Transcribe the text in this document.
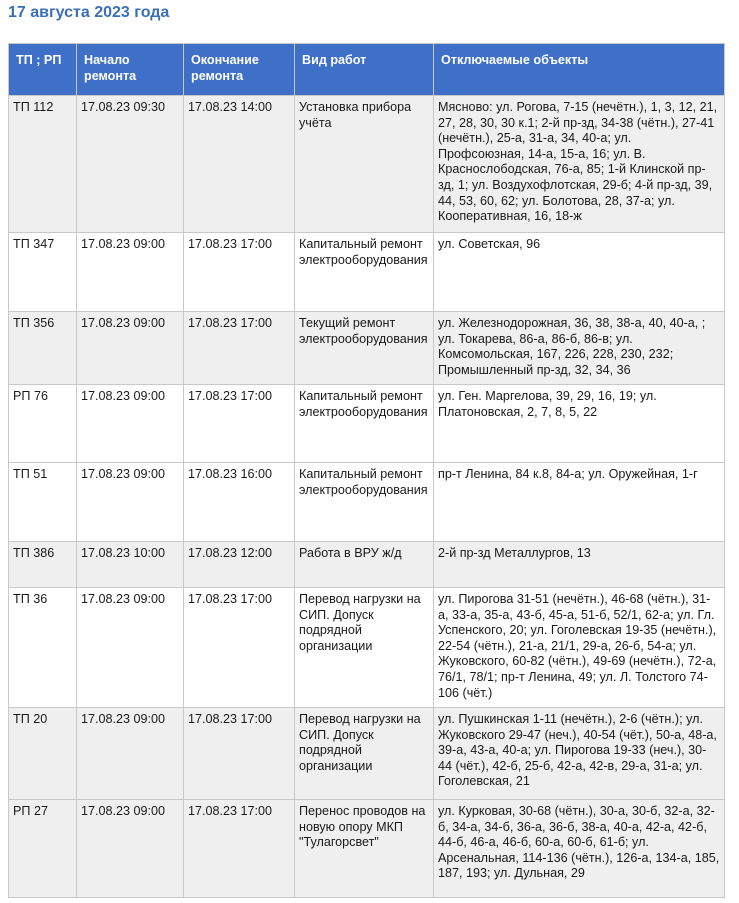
17 августа 2023 года
ТП ; РП	Начало ремонта	Окончание ремонта	Вид работ	Отключаемые объекты
ТП 112	17.08.23 09:30	17.08.23 14:00	Установка прибора учёта	Мясново: ул. Рогова, 7-15 (нечётн.), 1, 3, 12, 21, 27, 28, 30, 30 к.1; 2-й пр-зд, 34-38 (чётн.), 27-41 (нечётн.), 25-а, 31-а, 34, 40-а; ул. Профсоюзная, 14-а, 15-а, 16; ул. В. Краснослободская, 76-а, 85; 1-й Клинской пр-зд, 1; ул. Воздухофлотская, 29-б; 4-й пр-зд, 39, 44, 53, 60, 62; ул. Болотова, 28, 37-а; ул. Кооперативная, 16, 18-ж
ТП 347	17.08.23 09:00	17.08.23 17:00	Капитальный ремонт электрооборудования	ул. Советская, 96
ТП 356	17.08.23 09:00	17.08.23 17:00	Текущий ремонт электрооборудования	ул. Железнодорожная, 36, 38, 38-а, 40, 40-а, ; ул. Токарева, 86-а, 86-б, 86-в; ул. Комсомольская, 167, 226, 228, 230, 232; Промышленный пр-зд, 32, 34, 36
РП 76	17.08.23 09:00	17.08.23 17:00	Капитальный ремонт электрооборудования	ул. Ген. Маргелова, 39, 29, 16, 19; ул. Платоновская, 2, 7, 8, 5, 22
ТП 51	17.08.23 09:00	17.08.23 16:00	Капитальный ремонт электрооборудования	пр-т Ленина, 84 к.8, 84-а; ул. Оружейная, 1-г
ТП 386	17.08.23 10:00	17.08.23 12:00	Работа в ВРУ ж/д	2-й пр-зд Металлургов, 13
ТП 36	17.08.23 09:00	17.08.23 17:00	Перевод нагрузки на СИП. Допуск подрядной организации	ул. Пирогова 31-51 (нечётн.), 46-68 (чётн.), 31-а, 33-а, 35-а, 43-б, 45-а, 51-б, 52/1, 62-а; ул. Гл. Успенского, 20; ул. Гоголевская 19-35 (нечётн.), 22-54 (чётн.), 21-а, 21/1, 29-а, 26-б, 54-а; ул. Жуковского, 60-82 (чётн.), 49-69 (нечётн.), 72-а, 76/1, 78/1; пр-т Ленина, 49; ул. Л. Толстого 74-106 (чёт.)
ТП 20	17.08.23 09:00	17.08.23 17:00	Перевод нагрузки на СИП. Допуск подрядной организации	ул. Пушкинская 1-11 (нечётн.), 2-6 (чётн.); ул. Жуковского 29-47 (неч.), 40-54 (чёт.), 50-а, 48-а, 39-а, 43-а, 40-а; ул. Пирогова 19-33 (неч.), 30-44 (чёт.), 42-б, 25-б, 42-а, 42-в, 29-а, 31-а; ул. Гоголевская, 21
РП 27	17.08.23 09:00	17.08.23 17:00	Перенос проводов на новую опору МКП "Тулагорсвет"	ул. Курковая, 30-68 (чётн.), 30-а, 30-б, 32-а, 32-б, 34-а, 34-б, 36-а, 36-б, 38-а, 40-а, 42-а, 42-б, 44-б, 46-а, 46-б, 60-а, 60-б, 61-б; ул. Арсенальная, 114-136 (чётн.), 126-а, 134-а, 185, 187, 193; ул. Дульная, 29
